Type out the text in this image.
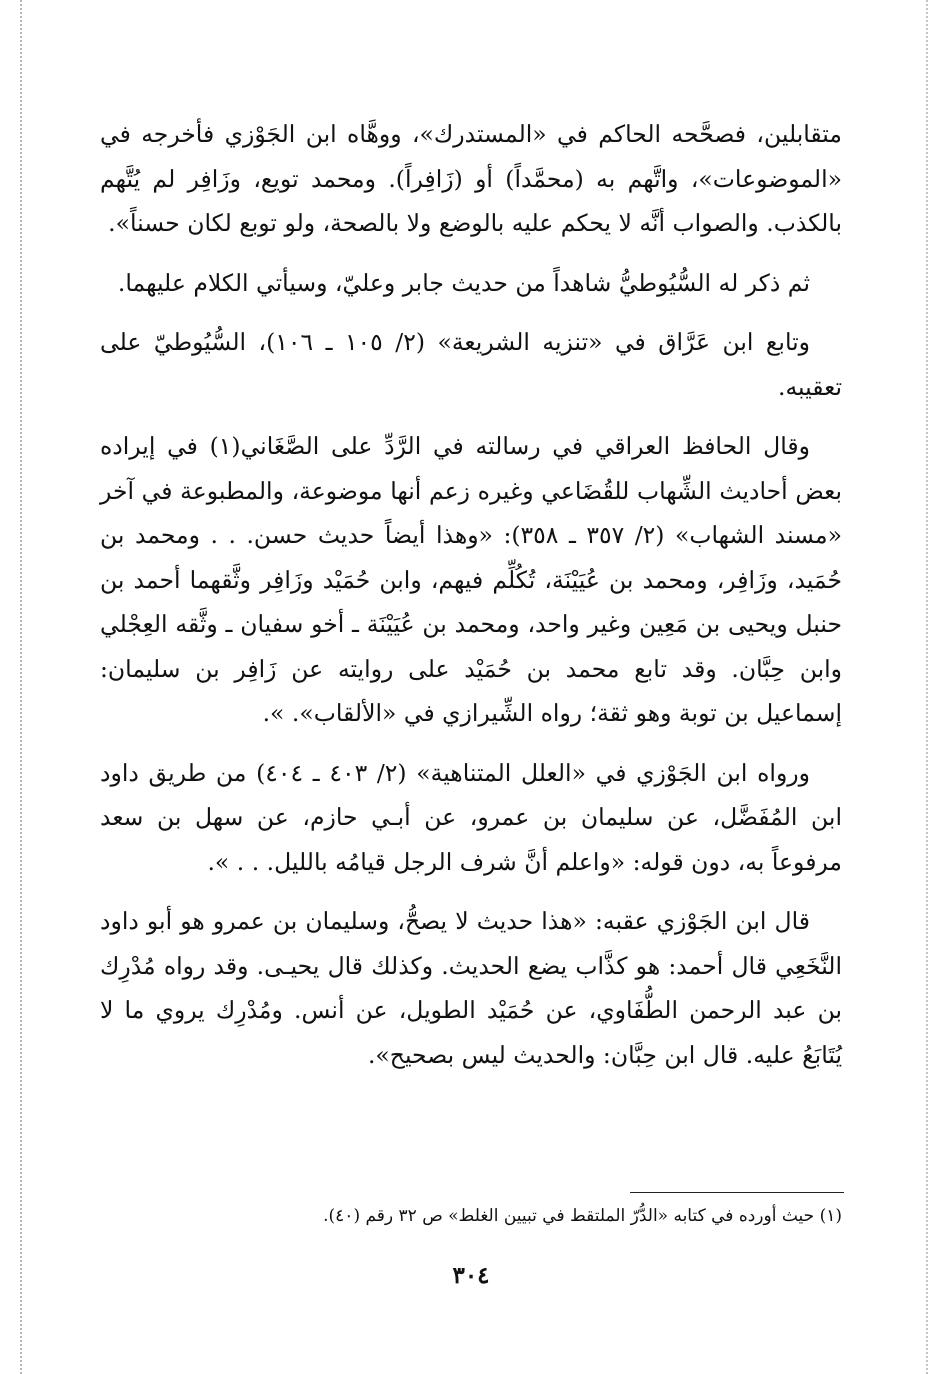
متقابلين، فصحَّحه الحاكم في «المستدرك»، ووهَّاه ابن الجَوْزي فأخرجه في «الموضوعات»، واتَّهم به (محمَّداً) أو (زَافِراً). ومحمد تويع، وزَافِر لم يُتَّهم بالكذب. والصواب أنَّه لا يحكم عليه بالوضع ولا بالصحة، ولو توبع لكان حسناً».

ثم ذكر له السُّيُوطيُّ شاهداً من حديث جابر وعليّ، وسيأتي الكلام عليهما.

وتابع ابن عَرَّاق في «تنزيه الشريعة» (٢/ ١٠٥ ـ ١٠٦)، السُّيُوطيّ على تعقيبه.

وقال الحافظ العراقي في رسالته في الرَّدِّ على الصَّغَاني(١) في إيراده بعض أحاديث الشِّهاب للقُضَاعي وغيره زعم أنها موضوعة، والمطبوعة في آخر «مسند الشهاب» (٢/ ٣٥٧ ـ ٣٥٨): «وهذا أيضاً حديث حسن. . . ومحمد بن حُمَيد، وزَافِر، ومحمد بن عُيَيْنَة، تُكُلِّم فيهم، وابن حُمَيْد وزَافِر وثَّقهما أحمد بن حنبل ويحيى بن مَعِين وغير واحد، ومحمد بن عُيَيْنَة ـ أخو سفيان ـ وثَّقه العِجْلي وابن حِبَّان. وقد تابع محمد بن حُمَيْد على روايته عن زَافِر بن سليمان: إسماعيل بن توبة وهو ثقة؛ رواه الشِّيرازي في «الألقاب». ».

ورواه ابن الجَوْزي في «العلل المتناهية» (٢/ ٤٠٣ ـ ٤٠٤) من طريق داود ابن المُفَضَّل، عن سليمان بن عمرو، عن أبـي حازم، عن سهل بن سعد مرفوعاً به، دون قوله: «واعلم أنَّ شرف الرجل قيامُه بالليل. . . ».

قال ابن الجَوْزي عقبه: «هذا حديث لا يصحُّ، وسليمان بن عمرو هو أبو داود النَّخَعِي قال أحمد: هو كذَّاب يضع الحديث. وكذلك قال يحيـى. وقد رواه مُدْرِك بن عبد الرحمن الطُّفَاوي، عن حُمَيْد الطويل، عن أنس. ومُدْرِك يروي ما لا يُتَابَعُ عليه. قال ابن حِبَّان: والحديث ليس بصحيح».

(١) حيث أورده في كتابه «الدُّرّ الملتقط في تبيين الغلط» ص ٣٢ رقم (٤٠).
٣٠٤
